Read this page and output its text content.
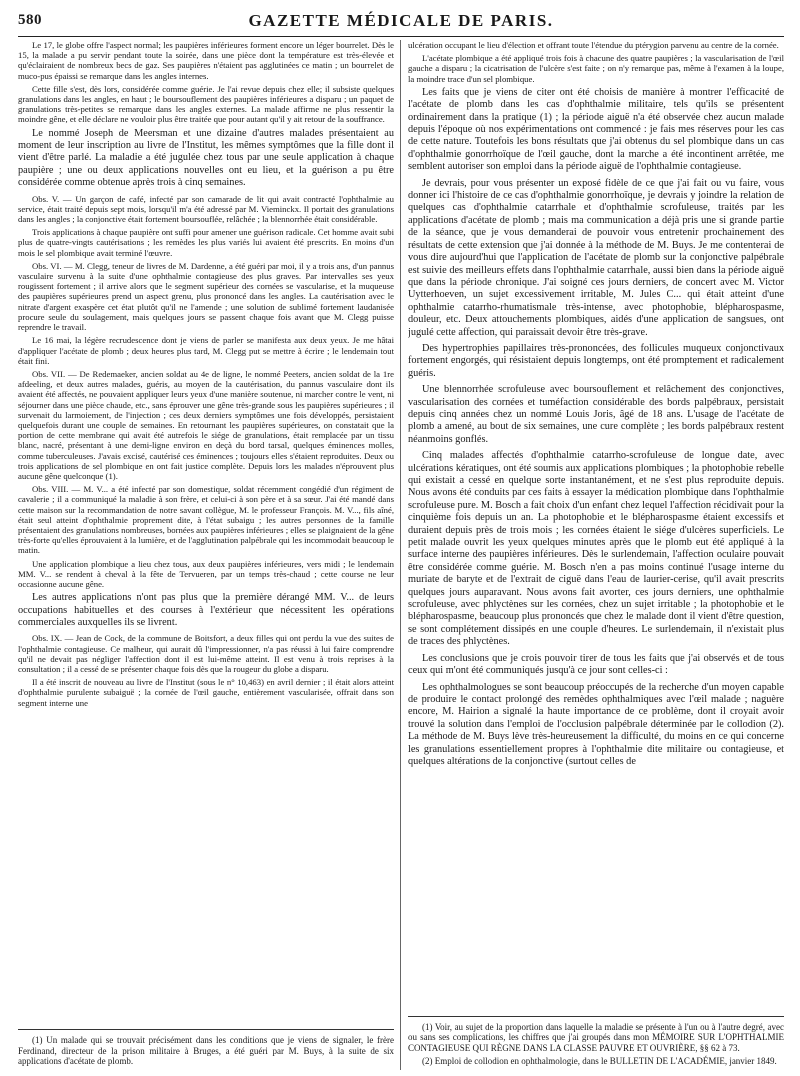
580	GAZETTE MÉDICALE DE PARIS.

Le 17, le globe offre l'aspect normal; les paupières inférieures forment encore un léger bourrelet. Dès le 15, la malade a pu servir pendant toute la soirée, dans une pièce dont la température est très-élevée et qu'éclairaient de nombreux becs de gaz. Ses paupières n'étaient pas agglutinées ce matin ; un bourrelet de muco-pus épaissi se remarque dans les angles internes.

Cette fille s'est, dès lors, considérée comme guérie. Je l'ai revue depuis chez elle; il subsiste quelques granulations dans les angles, en haut ; le boursouflement des paupières inférieures a disparu ; un paquet de granulations très-petites se remarque dans les angles externes. La malade affirme ne plus ressentir la moindre gêne, et elle déclare ne vouloir plus être traitée que pour autant qu'il y ait retour de la souffrance.

Le nommé Joseph de Meersman et une dizaine d'autres malades présentaient au moment de leur inscription au livre de l'Institut, les mêmes symptômes que la fille dont il vient d'être parlé. La maladie a été jugulée chez tous par une seule application à chaque paupière ; une ou deux applications nouvelles ont eu lieu, et la guérison a pu être considérée comme obtenue après trois à cinq semaines.

Obs. V. — Un garçon de café, infecté par son camarade de lit qui avait contracté l'ophthalmie au service, était traité depuis sept mois, lorsqu'il m'a été adressé par M. Vieminckx. Il portait des granulations dans les angles ; la conjonctive était fortement boursouflée, relâchée ; la blennorrhée était considérable.

Trois applications à chaque paupière ont suffi pour amener une guérison radicale. Cet homme avait subi plus de quatre-vingts cautérisations ; les remèdes les plus variés lui avaient été prescrits. En moins d'un mois le sel plombique avait terminé l'œuvre.

Obs. VI. — M. Clegg, teneur de livres de M. Dardenne, a été guéri par moi, il y a trois ans, d'un pannus vasculaire survenu à la suite d'une ophthalmie contagieuse des plus graves. Par intervalles ses yeux rougissent fortement ; il arrive alors que le segment supérieur des cornées se vascularise, et la muqueuse des paupières supérieures prend un aspect grenu, plus prononcé dans les angles. La cautérisation avec le nitrate d'argent exaspère cet état plutôt qu'il ne l'amende ; une solution de sublimé fortement laudanisée procure seule du soulagement, mais quelques jours se passent chaque fois avant que M. Clegg puisse reprendre le travail.

Le 16 mai, la légère recrudescence dont je viens de parler se manifesta aux deux yeux. Je me hâtai d'appliquer l'acétate de plomb ; deux heures plus tard, M. Clegg put se mettre à écrire ; le lendemain tout était fini.

Obs. VII. — De Redemaeker, ancien soldat au 4e de ligne, le nommé Peeters, ancien soldat de la 1re afdeeling, et deux autres malades, guéris, au moyen de la cautérisation, du pannus vasculaire dont ils avaient été affectés, ne pouvaient appliquer leurs yeux d'une manière soutenue, ni marcher contre le vent, ni séjourner dans une pièce chaude, etc., sans éprouver une gêne très-grande sous les paupières supérieures ; il survenait du larmoiement, de l'injection ; ces deux derniers symptômes une fois développés, persistaient quelquefois durant une couple de semaines. En retournant les paupières supérieures, on constatait que la portion de cette membrane qui avait été autrefois le siége de granulations, était remplacée par un tissu blanc, nacré, présentant à une demi-ligne environ en deçà du bord tarsal, quelques éminences molles, comme tuberculeuses. J'avais excisé, cautérisé ces éminences ; toujours elles s'étaient reproduites. Deux ou trois applications de sel plombique en ont fait justice complète. Depuis lors les malades n'éprouvent plus aucune gêne quelconque (1).

Obs. VIII. — M. V... a été infecté par son domestique, soldat récemment congédié d'un régiment de cavalerie ; il a communiqué la maladie à son frère, et celui-ci à son père et à sa sœur. J'ai été mandé dans cette maison sur la recommandation de notre savant collègue, M. le professeur François. M. V..., fils aîné, était seul atteint d'ophthalmie proprement dite, à l'état subaigu ; les autres personnes de la famille présentaient des granulations nombreuses, bornées aux paupières inférieures ; elles se plaignaient de la gêne très-forte qu'elles éprouvaient à la lumière, et de l'agglutination palpébrale qui les incommodait beaucoup le matin.

Une application plombique a lieu chez tous, aux deux paupières inférieures, vers midi ; le lendemain MM. V... se rendent à cheval à la fête de Tervueren, par un temps très-chaud ; cette course ne leur occasionne aucune gêne.

Les autres applications n'ont pas plus que la première dérangé MM. V... de leurs occupations habituelles et des courses à l'extérieur que nécessitent les opérations commerciales auxquelles ils se livrent.

Obs. IX. — Jean de Cock, de la commune de Boitsfort, a deux filles qui ont perdu la vue des suites de l'ophthalmie contagieuse. Ce malheur, qui aurait dû l'impressionner, n'a pas réussi à lui faire comprendre qu'il ne devait pas négliger l'affection dont il est lui-même atteint. Il est venu à trois reprises à la consultation ; il a cessé de se présenter chaque fois dès que la rougeur du globe a disparu.

Il a été inscrit de nouveau au livre de l'Institut (sous le n° 10,463) en avril dernier ; il était alors atteint d'ophthalmie purulente subaiguë ; la cornée de l'œil gauche, entièrement vascularisée, offrait dans son segment interne une

(1) Un malade qui se trouvait précisément dans les conditions que je viens de signaler, le frère Ferdinand, directeur de la prison militaire à Bruges, a été guéri par M. Buys, à la suite de six applications d'acétate de plomb.

ulcération occupant le lieu d'élection et offrant toute l'étendue du ptérygion parvenu au centre de la cornée.

L'acétate plombique a été appliqué trois fois à chacune des quatre paupières ; la vascularisation de l'œil gauche a disparu ; la cicatrisation de l'ulcère s'est faite ; on n'y remarque pas, même à l'examen à la loupe, la moindre trace d'un sel plombique.

Les faits que je viens de citer ont été choisis de manière à montrer l'efficacité de l'acétate de plomb dans les cas d'ophthalmie militaire, tels qu'ils se présentent ordinairement dans la pratique (1) ; la période aiguë n'a été observée chez aucun malade depuis l'époque où nos expérimentations ont commencé : je fais mes réserves pour les cas de cette nature. Toutefois les bons résultats que j'ai obtenus du sel plombique dans un cas d'ophthalmie gonorrhoïque de l'œil gauche, dont la marche a été incontinent arrêtée, me semblent autoriser son emploi dans la période aiguë de l'ophthalmie contagieuse.

Je devrais, pour vous présenter un exposé fidèle de ce que j'ai fait ou vu faire, vous donner ici l'histoire de ce cas d'ophthalmie gonorrhoïque, je devrais y joindre la relation de quelques cas d'ophthalmie catarrhale et d'ophthalmie scrofuleuse, traités par les applications d'acétate de plomb ; mais ma communication a déjà pris une si grande partie de la séance, que je vous demanderai de pouvoir vous entretenir prochainement des résultats de cette extension que j'ai donnée à la méthode de M. Buys. Je me contenterai de vous dire aujourd'hui que l'application de l'acétate de plomb sur la conjonctive palpébrale est suivie des meilleurs effets dans l'ophthalmie catarrhale, aussi bien dans la période aiguë que dans la période chronique. J'ai soigné ces jours derniers, de concert avec M. Victor Uytterhoeven, un sujet excessivement irritable, M. Jules C... qui était atteint d'une ophthalmie catarrho-rhumatismale très-intense, avec photophobie, blépharospasme, douleur, etc. Deux attouchements plombiques, aidés d'une application de sangsues, ont jugulé cette affection, qui paraissait devoir être très-grave.

Des hypertrophies papillaires très-prononcées, des follicules muqueux conjonctivaux fortement engorgés, qui résistaient depuis longtemps, ont été promptement et radicalement guéris.

Une blennorrhée scrofuleuse avec boursouflement et relâchement des conjonctives, vascularisation des cornées et tuméfaction considérable des bords palpébraux, persistait depuis cinq années chez un nommé Louis Joris, âgé de 18 ans. L'usage de l'acétate de plomb a amené, au bout de six semaines, une cure complète ; les bords palpébraux restent néanmoins gonflés.

Cinq malades affectés d'ophthalmie catarrho-scrofuleuse de longue date, avec ulcérations kératiques, ont été soumis aux applications plombiques ; la photophobie rebelle qui existait a cessé en quelque sorte instantanément, et ne s'est plus reproduite depuis. Nous avons été conduits par ces faits à essayer la médication plombique dans l'ophthalmie scrofuleuse pure. M. Bosch a fait choix d'un enfant chez lequel l'affection récidivait pour la cinquième fois depuis un an. La photophobie et le blépharospasme étaient excessifs et duraient depuis près de trois mois ; les cornées étaient le siége d'ulcères superficiels. Le petit malade ouvrit les yeux quelques minutes après que le plomb eut été appliqué à la surface interne des paupières inférieures. Dès le surlendemain, l'affection oculaire pouvait être considérée comme guérie. M. Bosch n'en a pas moins continué l'usage interne du muriate de baryte et de l'extrait de ciguë dans l'eau de laurier-cerise, qu'il avait prescrits quelques jours auparavant. Nous avons fait avorter, ces jours derniers, une ophthalmie scrofuleuse, avec phlyctènes sur les cornées, chez un sujet irritable ; la photophobie et le blépharospasme, beaucoup plus prononcés que chez le malade dont il vient d'être question, se sont complétement dissipés en une couple d'heures. Le surlendemain, il n'existait plus de traces des phlyctènes.

Les conclusions que je crois pouvoir tirer de tous les faits que j'ai observés et de tous ceux qui m'ont été communiqués jusqu'à ce jour sont celles-ci :

Les ophthalmologues se sont beaucoup préoccupés de la recherche d'un moyen capable de produire le contact prolongé des remèdes ophthalmiques avec l'œil malade ; naguère encore, M. Hairion a signalé la haute importance de ce problème, dont il croyait avoir trouvé la solution dans l'emploi de l'occlusion palpébrale déterminée par le collodion (2). La méthode de M. Buys lève très-heureusement la difficulté, du moins en ce qui concerne les granulations essentiellement propres à l'ophthalmie dite militaire ou contagieuse, et quelques altérations de la conjonctive (surtout celles de

(1) Voir, au sujet de la proportion dans laquelle la maladie se présente à l'un ou à l'autre degré, avec ou sans ses complications, les chiffres que j'ai groupés dans mon MÉMOIRE SUR L'OPHTHALMIE CONTAGIEUSE QUI RÈGNE DANS LA CLASSE PAUVRE ET OUVRIÈRE, §§ 62 à 73.

(2) Emploi de collodion en ophthalmologie, dans le BULLETIN DE L'ACADÉMIE, janvier 1849.
